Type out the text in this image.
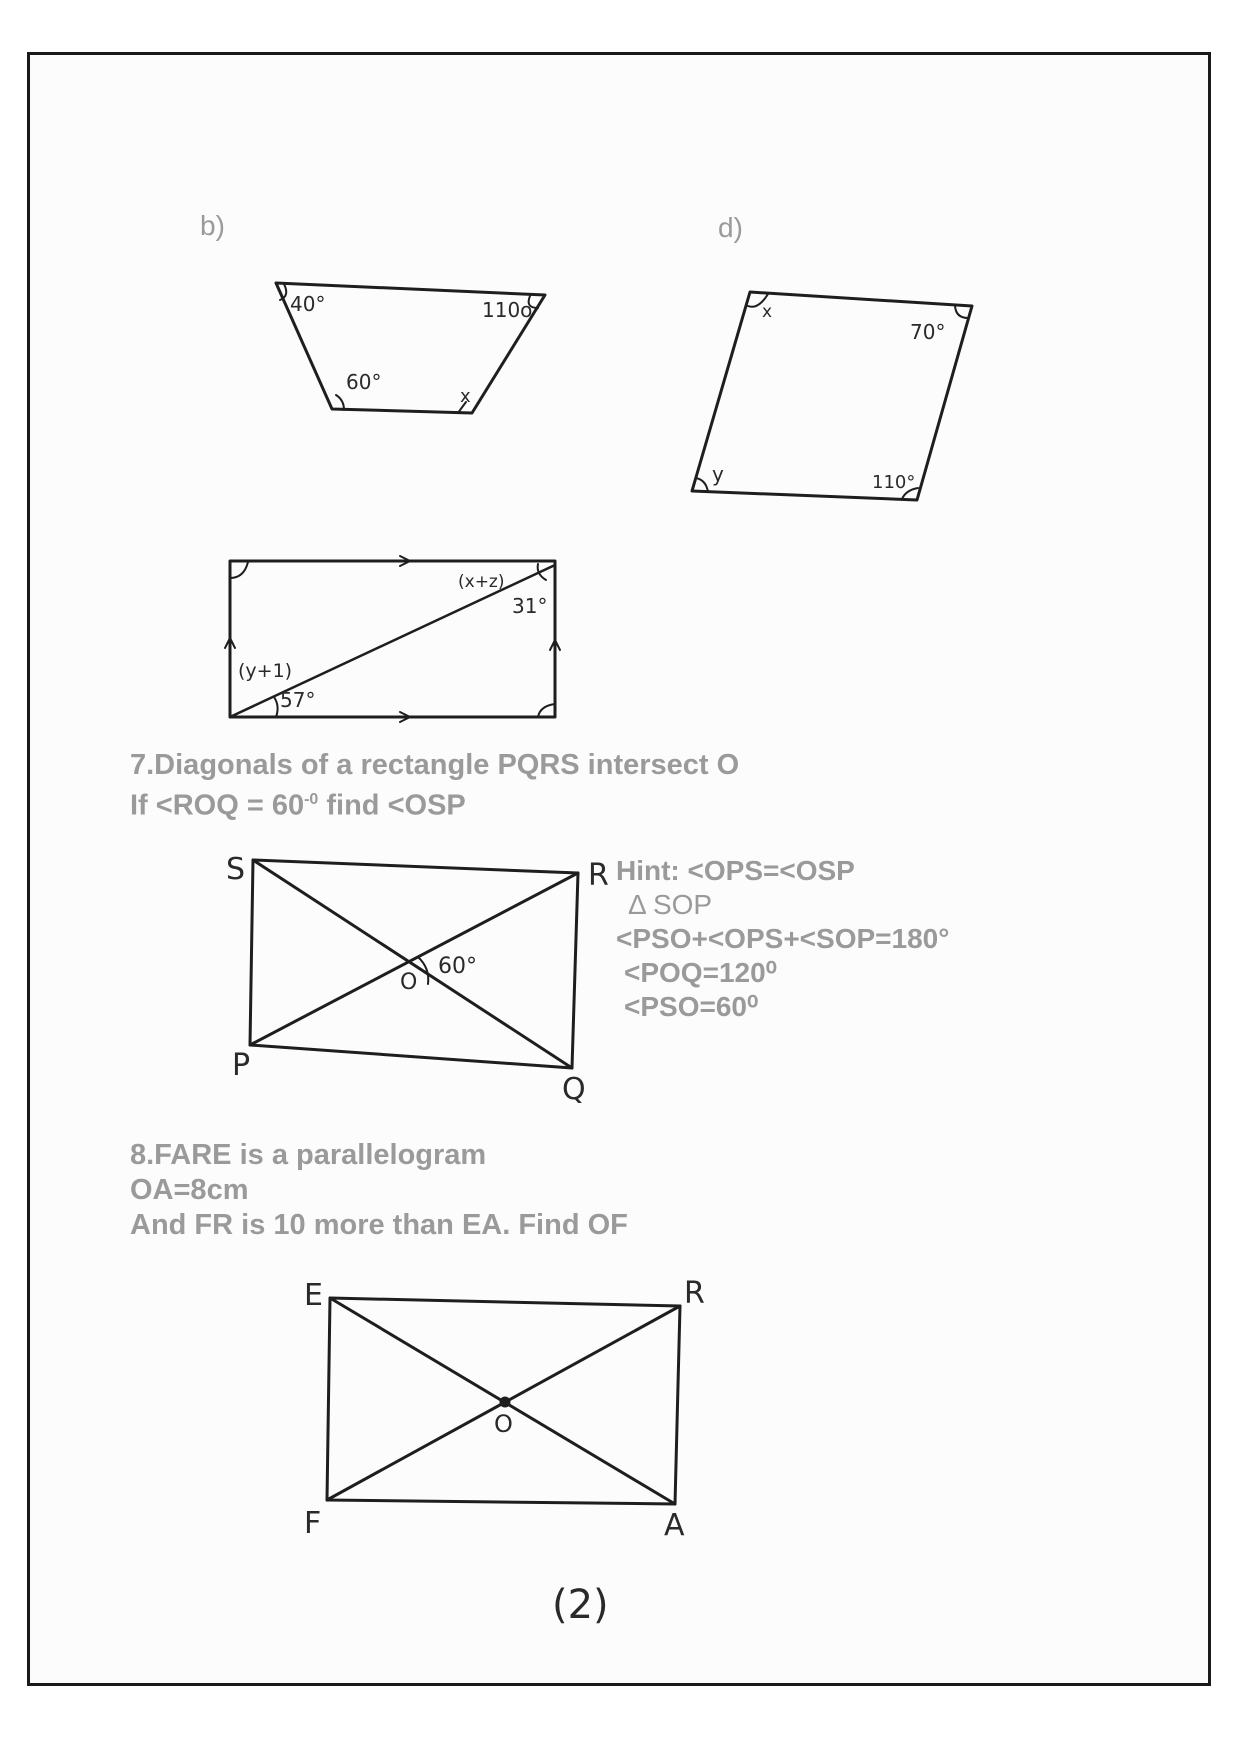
b)	d)
40°	110o
60°
x
x
70°
y	110°
(x+z)
31°
(y+1)
57°
7.Diagonals of a rectangle PQRS intersect O
$If <ROQ = 60^{-0}$ find <OSP
S	R
P
Q
O
60°
Hint: <OPS=<OSP
Δ SOP
<PSO+<OPS+<SOP=180°
<POQ=120⁰
<PSO=60⁰
8.FARE is a parallelogram
OA=8cm
And FR is 10 more than EA. Find OF
E	R
F	A
O
(2)
